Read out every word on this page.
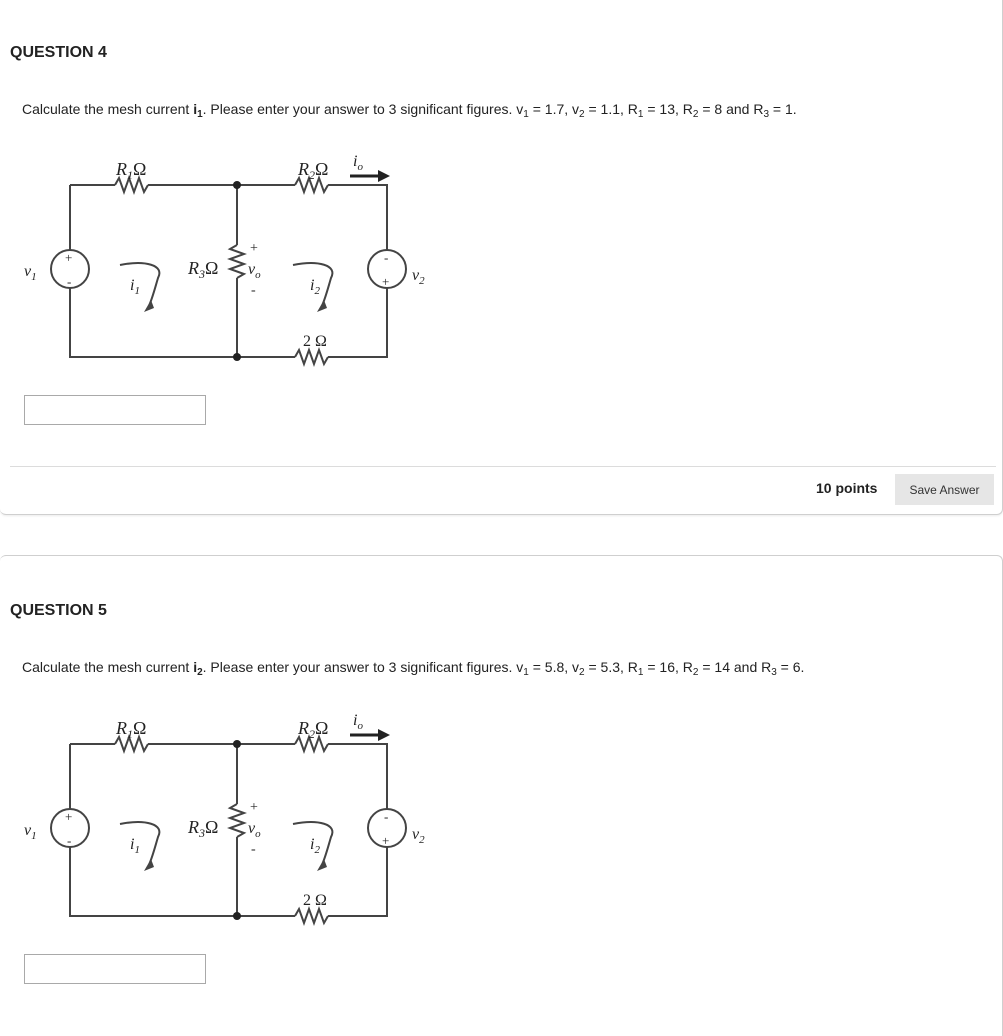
QUESTION 4
Calculate the mesh current $i_1$. Please enter your answer to 3 significant figures. $v_1 = 1.7$, $v_2 = 1.1$, $R_1 = 13$, $R_2 = 8$ and $R_3 = 1$.
$R_1\Omega$	$R_2\Omega$ $i_o$
$R_3\Omega$
+
$v_o$
-
$i_1$	$i_2$
2 Ω
$v_1$
+
-	$v_2$
-
+
10 points	Save Answer
QUESTION 5
Calculate the mesh current $i_2$. Please enter your answer to 3 significant figures. $v_1 = 5.8$, $v_2 = 5.3$, $R_1 = 16$, $R_2 = 14$ and $R_3 = 6$.
$R_1\Omega$	$R_2\Omega$ $i_o$
$R_3\Omega$
+
$v_o$
-
$i_1$	$i_2$
2 Ω
$v_1$
+
-	$v_2$
-
+
